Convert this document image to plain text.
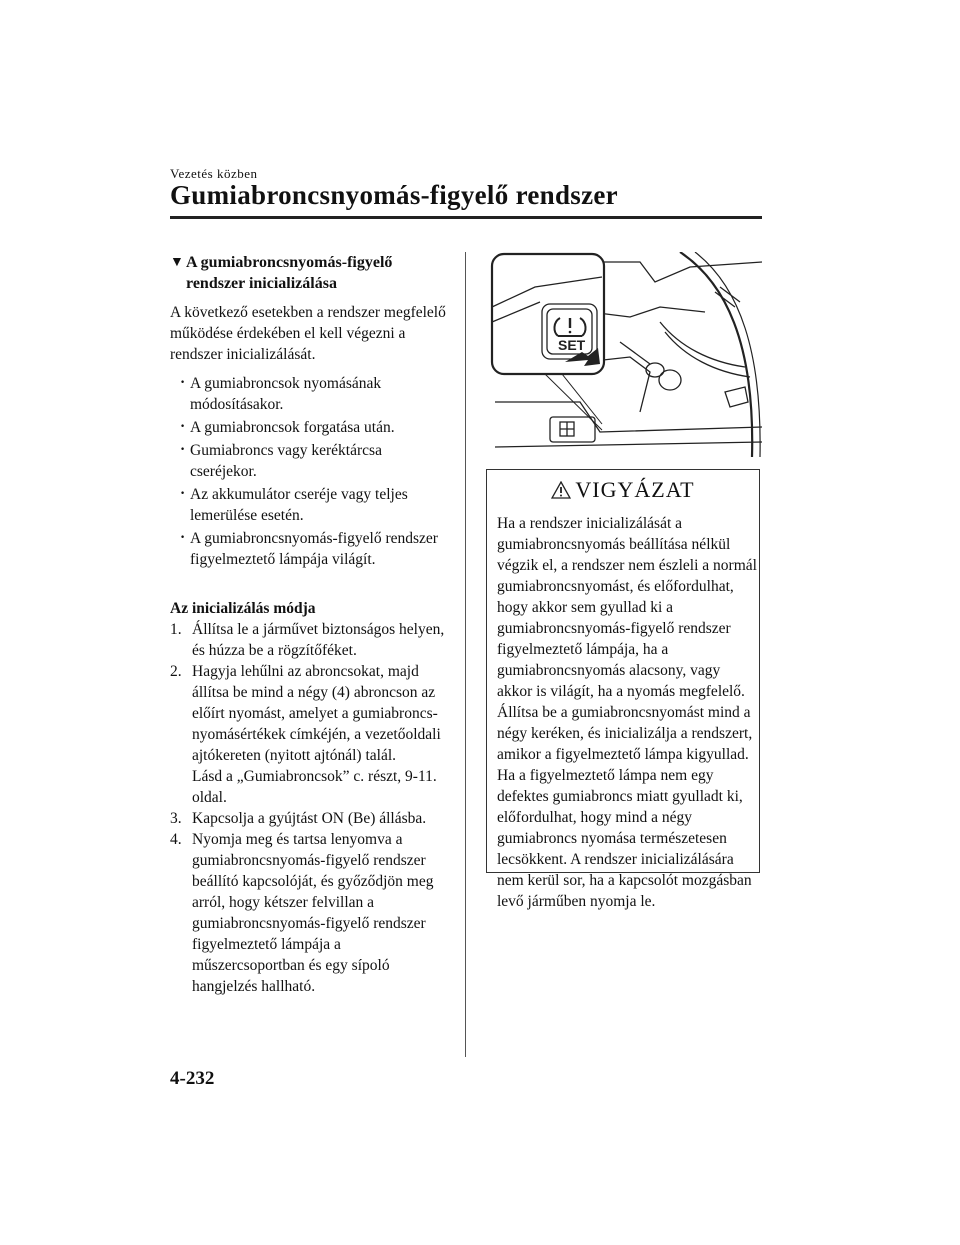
Vezetés közben
Gumiabroncsnyomás-figyelő rendszer
▼ A gumiabroncsnyomás-figyelő rendszer inicializálása

A következő esetekben a rendszer megfelelő működése érdekében el kell végezni a rendszer inicializálását.

· A gumiabroncsok nyomásának módosításakor.
· A gumiabroncsok forgatása után.
· Gumiabroncs vagy keréktárcsa cseréjekor.
· Az akkumulátor cseréje vagy teljes lemerülése esetén.
· A gumiabroncsnyomás-figyelő rendszer figyelmeztető lámpája világít.
Az inicializálás módja
1. Állítsa le a járművet biztonságos helyen, és húzza be a rögzítőféket.
2. Hagyja lehűlni az abroncsokat, majd állítsa be mind a négy (4) abroncson az előírt nyomást, amelyet a gumiabroncs-nyomásértékek címkéjén, a vezetőoldali ajtókereten (nyitott ajtónál) talál.
Lásd a „Gumiabroncsok” c. részt, 9-11. oldal.
3. Kapcsolja a gyújtást ON (Be) állásba.
4. Nyomja meg és tartsa lenyomva a gumiabroncsnyomás-figyelő rendszer beállító kapcsolóját, és győződjön meg arról, hogy kétszer felvillan a gumiabroncsnyomás-figyelő rendszer figyelmeztető lámpája a műszercsoportban és egy sípoló hangjelzés hallható.
SET
VIGYÁZAT

Ha a rendszer inicializálását a gumiabroncsnyomás beállítása nélkül végzik el, a rendszer nem észleli a normál gumiabroncsnyomást, és előfordulhat, hogy akkor sem gyullad ki a gumiabroncsnyomás-figyelő rendszer figyelmeztető lámpája, ha a gumiabroncsnyomás alacsony, vagy akkor is világít, ha a nyomás megfelelő. Állítsa be a gumiabroncsnyomást mind a négy keréken, és inicializálja a rendszert, amikor a figyelmeztető lámpa kigyullad. Ha a figyelmeztető lámpa nem egy defektes gumiabroncs miatt gyulladt ki, előfordulhat, hogy mind a négy gumiabroncs nyomása természetesen lecsökkent. A rendszer inicializálására nem kerül sor, ha a kapcsolót mozgásban levő járműben nyomja le.

4-232
